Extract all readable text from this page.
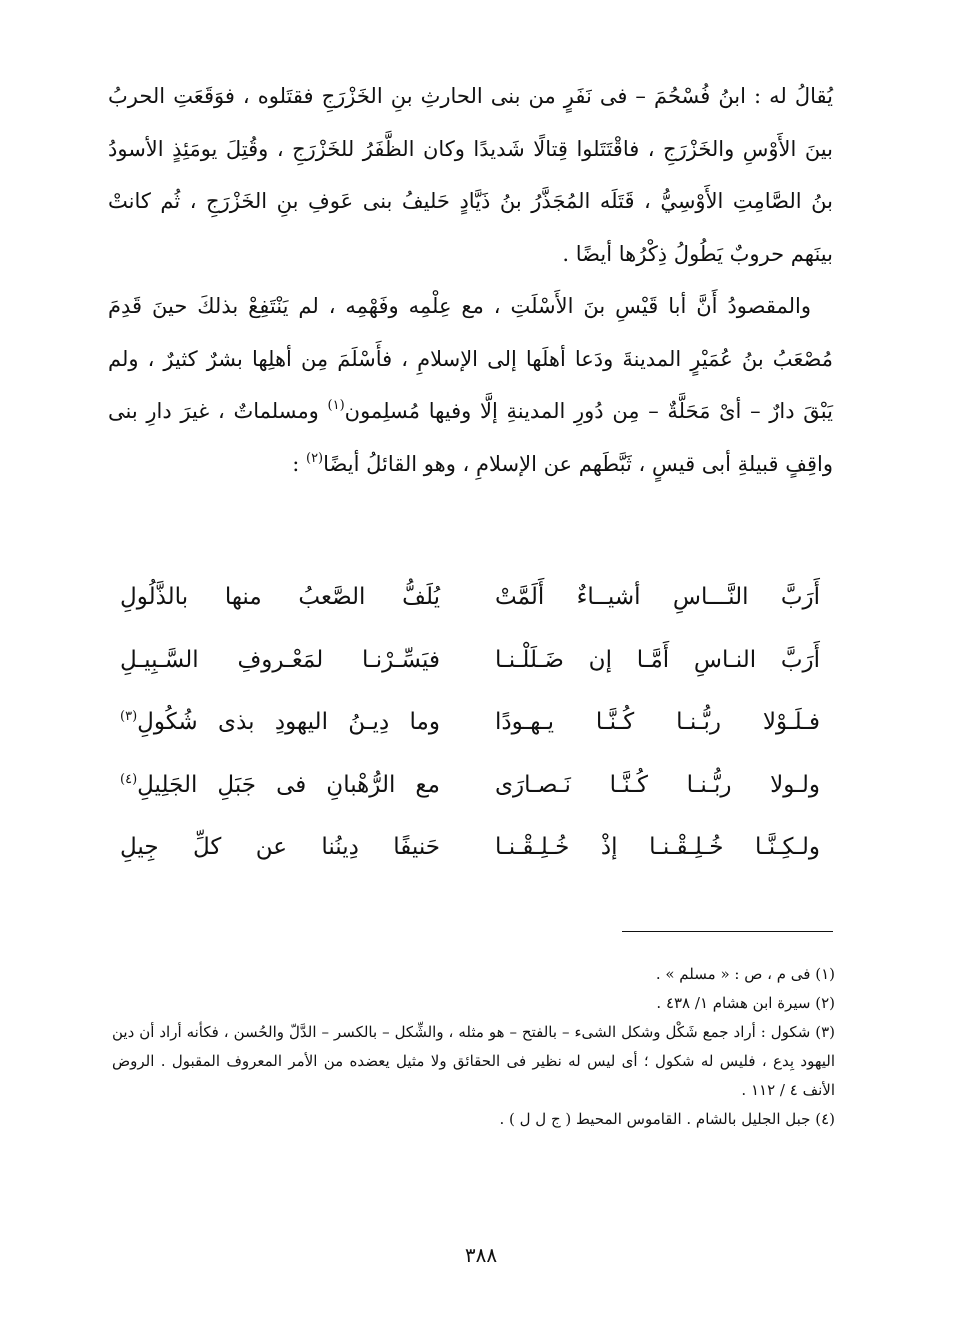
يُقالُ له : ابنُ فُسْحُمَ – فى نَفَرٍ من بنى الحارثِ بنِ الخَزْرَجِ فقتَلوه ، فوَقَعَتِ الحربُ بينَ الأَوْسِ والخَزْرَجِ ، فاقْتَتَلوا قِتالًا شَديدًا وكان الظَّفَرُ للخَزْرَجِ ، وقُتِلَ يومَئِذٍ الأسودُ بنُ الصَّامِتِ الأَوْسِيُّ ، قَتَلَه المُجَذَّرُ بنُ ذَيَّادٍ حَليفُ بنى عَوفِ بنِ الخَزْرَجِ ، ثُم كانتْ بينَهم حروبٌ يَطُولُ ذِكْرُها أيضًا .

والمقصودُ أَنَّ أبا قَيْسِ بنَ الأَسْلَتِ ، مع عِلْمِه وفَهْمِه ، لم يَنْتَفِعْ بذلكَ حينَ قَدِمَ مُصْعَبُ بنُ عُمَيْرٍ المدينةَ ودَعا أهلَها إلى الإسلامِ ، فأَسْلَمَ مِن أهلِها بشرٌ كثيرٌ ، ولم يَبْقَ دارٌ – أىْ مَحَلَّةٌ – مِن دُورِ المدينةِ إلَّا وفيها مُسلِمون$^{(١)}$ ومسلماتٌ ، غيرَ دارِ بنى واقِفٍ قبيلةِ أبى قيسٍ ، ثَبَّطَهم عن الإسلامِ ، وهو القائلُ أيضًا$^{(٢)}$ :

أَرَبَّ النَّـــاسِ أشيــاءٌ أَلَمَّتْ
يُلَفُّ الصَّعبُ منها بالذَّلُولِ
أَرَبَّ النـاسِ أَمَّـا إن ضَـلَلْـنـا
فيَسِّـرْنـا لمَعْـروفِ السَّـبِيـلِ
فـلَـوْلا ربُّـنـا كُـنَّـا يـهـودًا
وما دِيـنُ اليهودِ بذى شُكُولِ$^{(٣)}$
ولـولا ربُّـنـا كُـنَّـا نَـصـارَى
مع الرُّهْبانِ فى جَبَلِ الجَلِيلِ$^{(٤)}$
ولـكِـنَّـا خُـلِـقْـنـا إذْ خُـلِـقْـنـا
حَنيفًا دِينُنا عن كلِّ جِيلِ

(١) فى م ، ص : « مسلم » .

(٢) سيرة ابن هشام ١/ ٤٣٨ .

(٣) شكول : أراد جمع شَكْل وشكل الشىء – بالفتح – هو مثله ، والشِّكل – بالكسر – الدَّلّ والحُسن ، فكأنه أراد أن دين اليهود بِدع ، فليس له شكول ؛ أى ليس له نظير فى الحقائق ولا مثيل يعضده من الأمر المعروف المقبول . الروض الأنف ٤ / ١١٢ .

(٤) جبل الجليل بالشام . القاموس المحيط ( ج ل ل ) .

٣٨٨
